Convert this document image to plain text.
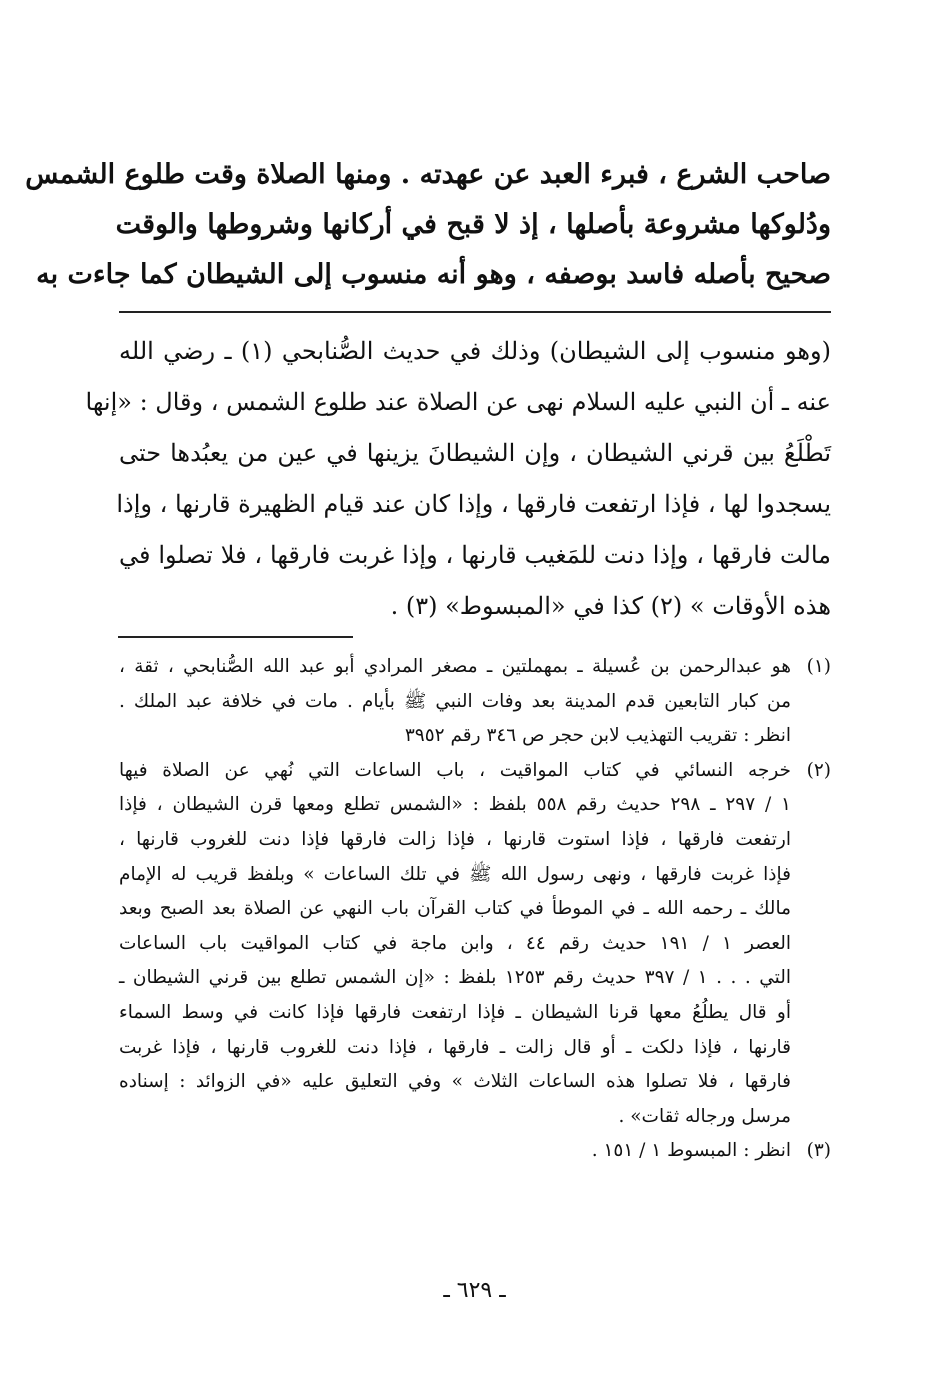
صاحب الشرع ، فبرء العبد عن عهدته . ومنها الصلاة وقت طلوع الشمس
ودُلوكها مشروعة بأصلها ، إذ لا قبح في أركانها وشروطها والوقت
صحيح بأصله فاسد بوصفه ، وهو أنه منسوب إلى الشيطان كما جاءت به
(وهو منسوب إلى الشيطان) وذلك في حديث الصُّنابحي (١) ـ رضي الله
عنه ـ أن النبي عليه السلام نهى عن الصلاة عند طلوع الشمس ، وقال : «إنها
تَطْلَعُ بين قرني الشيطان ، وإن الشيطانَ يزينها في عين من يعبُدها حتى
يسجدوا لها ، فإذا ارتفعت فارقها ، وإذا كان عند قيام الظهيرة قارنها ، وإذا
مالت فارقها ، وإذا دنت للمَغيب قارنها ، وإذا غربت فارقها ، فلا تصلوا في
هذه الأوقات » (٢) كذا في «المبسوط» (٣) .
(١)
هو عبدالرحمن بن عُسيلة ـ بمهملتين ـ مصغر المرادي أبو عبد الله الصُّنابحي ، ثقة ،
من كبار التابعين قدم المدينة بعد وفات النبي ﷺ بأيام . مات في خلافة عبد الملك .
انظر : تقريب التهذيب لابن حجر ص ٣٤٦ رقم ٣٩٥٢
(٢)
خرجه النسائي في كتاب المواقيت ، باب الساعات التي نُهي عن الصلاة فيها
١ / ٢٩٧ ـ ٢٩٨ حديث رقم ٥٥٨ بلفظ : «الشمس تطلع ومعها قرن الشيطان ، فإذا
ارتفعت فارقها ، فإذا استوت قارنها ، فإذا زالت فارقها فإذا دنت للغروب قارنها ،
فإذا غربت فارقها ، ونهى رسول الله ﷺ في تلك الساعات » وبلفظ قريب له الإمام
مالك ـ رحمه الله ـ في الموطأ في كتاب القرآن باب النهي عن الصلاة بعد الصبح وبعد
العصر ١ / ١٩١ حديث رقم ٤٤ ، وابن ماجة في كتاب المواقيت باب الساعات
التي . . . ١ / ٣٩٧ حديث رقم ١٢٥٣ بلفظ : «إن الشمس تطلع بين قرني الشيطان ـ
أو قال يطلُعُ معها قرنا الشيطان ـ فإذا ارتفعت فارقها فإذا كانت في وسط السماء
قارنها ، فإذا دلكت ـ أو قال زالت ـ فارقها ، فإذا دنت للغروب قارنها ، فإذا غربت
فارقها ، فلا تصلوا هذه الساعات الثلاث » وفي التعليق عليه «في الزوائد : إسناده
مرسل ورجاله ثقات» .
(٣)
انظر : المبسوط ١ / ١٥١ .
ـ ٦٢٩ ـ
